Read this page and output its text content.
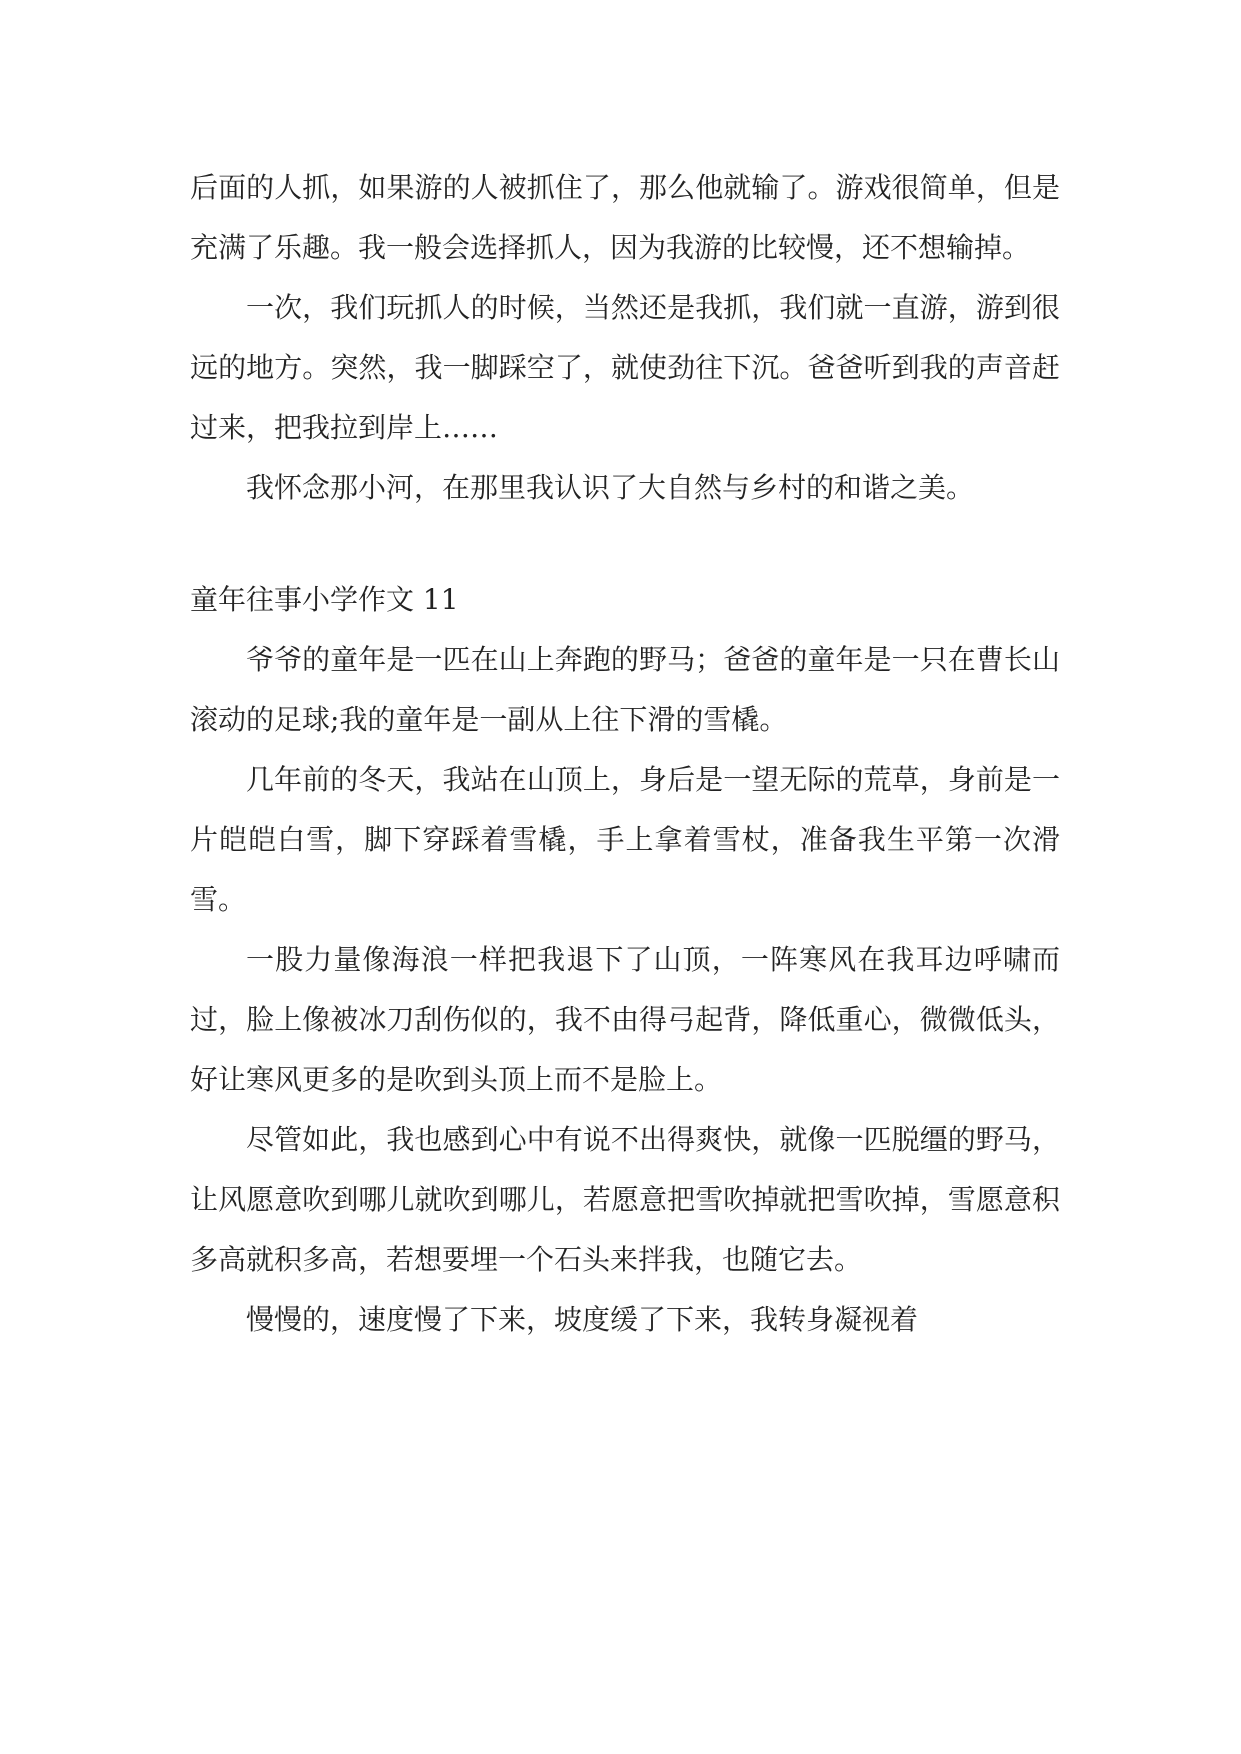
后面的人抓，如果游的人被抓住了，那么他就输了。游戏很简单，但是充满了乐趣。我一般会选择抓人，因为我游的比较慢，还不想输掉。

一次，我们玩抓人的时候，当然还是我抓，我们就一直游，游到很远的地方。突然，我一脚踩空了，就使劲往下沉。爸爸听到我的声音赶过来，把我拉到岸上……

我怀念那小河，在那里我认识了大自然与乡村的和谐之美。

童年往事小学作文 11

爷爷的童年是一匹在山上奔跑的野马；爸爸的童年是一只在曹长山滚动的足球;我的童年是一副从上往下滑的雪橇。

几年前的冬天，我站在山顶上，身后是一望无际的荒草，身前是一片皑皑白雪，脚下穿踩着雪橇，手上拿着雪杖，准备我生平第一次滑雪。

一股力量像海浪一样把我退下了山顶，一阵寒风在我耳边呼啸而过，脸上像被冰刀刮伤似的，我不由得弓起背，降低重心，微微低头，好让寒风更多的是吹到头顶上而不是脸上。

尽管如此，我也感到心中有说不出得爽快，就像一匹脱缰的野马，让风愿意吹到哪儿就吹到哪儿，若愿意把雪吹掉就把雪吹掉，雪愿意积多高就积多高，若想要埋一个石头来拌我，也随它去。

慢慢的，速度慢了下来，坡度缓了下来，我转身凝视着
